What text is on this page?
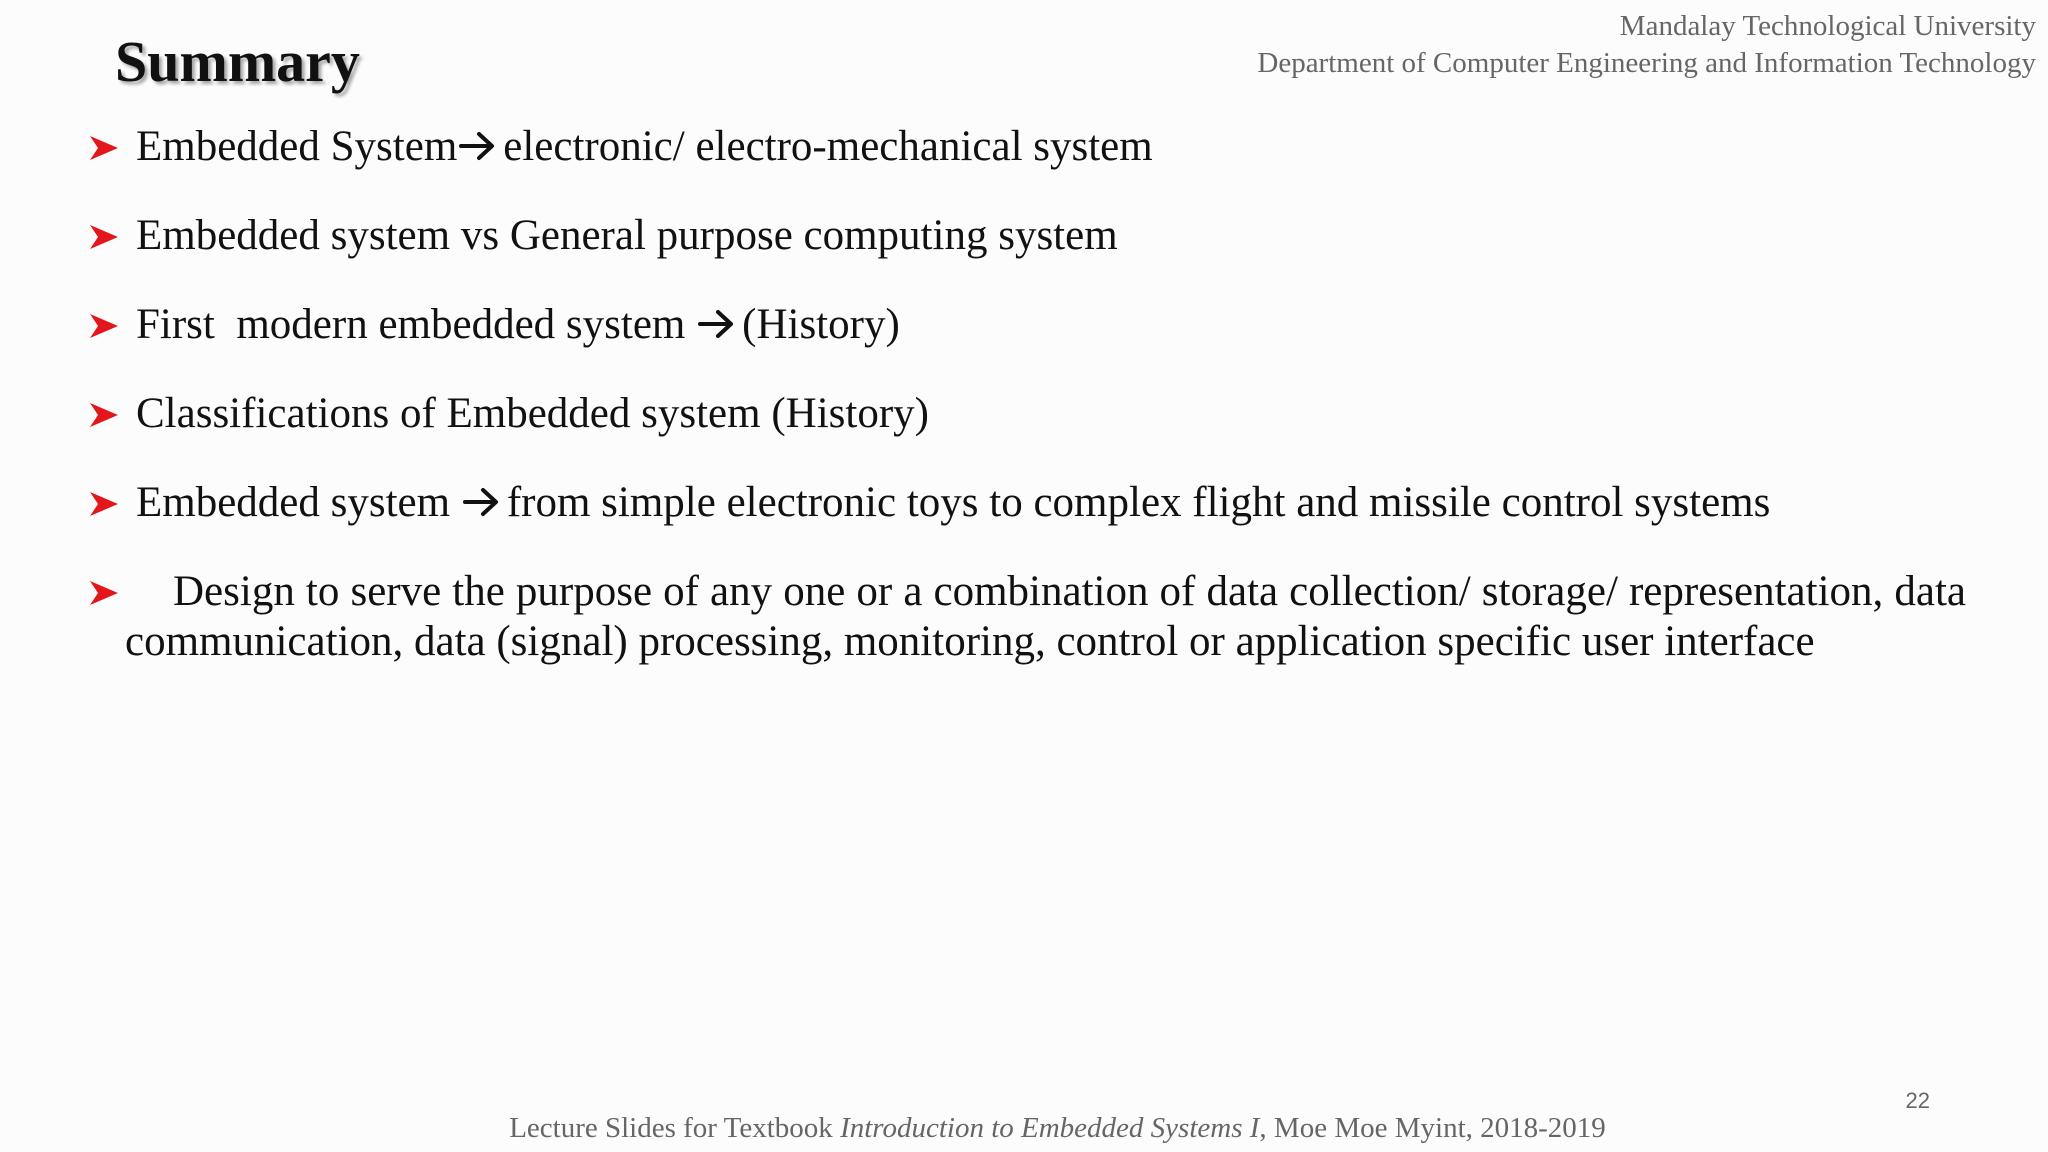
Mandalay Technological University
Department of Computer Engineering and Information Technology
Summary
Embedded System electronic/ electro-mechanical system
Embedded system vs General purpose computing system
First  modern embedded system (History)
Classifications of Embedded system (History)
Embedded system from simple electronic toys to complex flight and missile control systems
Design to serve the purpose of any one or a combination of data collection/ storage/ representation, data communication, data (signal) processing, monitoring, control or application specific user interface
22
Lecture Slides for Textbook Introduction to Embedded Systems I, Moe Moe Myint, 2018-2019
